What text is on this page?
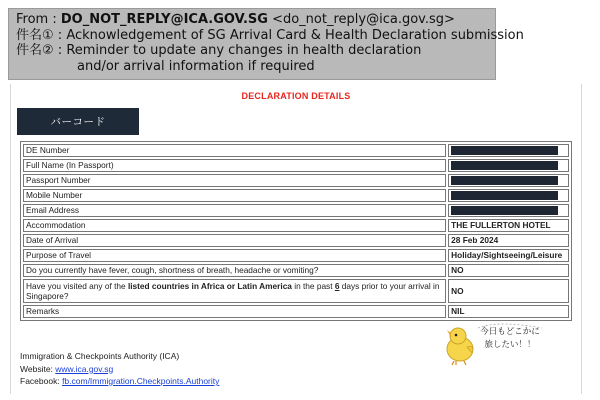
From : DO_NOT_REPLY@ICA.GOV.SG <do_not_reply@ica.gov.sg>
件名① : Acknowledgement of SG Arrival Card & Health Declaration submission
件名② : Reminder to update any changes in health declaration
and/or arrival information if required
DECLARATION DETAILS
バーコード
DE Number	

Full Name (In Passport)	

Passport Number	

Mobile Number	

Email Address	

Accommodation	THE FULLERTON HOTEL
Date of Arrival	28 Feb 2024
Purpose of Travel	Holiday/Sightseeing/Leisure
Do you currently have fever, cough, shortness of breath, headache or vomiting?	NO
Have you visited any of the listed countries in Africa or Latin America in the past 6 days prior to your arrival in Singapore?	NO
Remarks	NIL
Immigration & Checkpoints Authority (ICA)
Website: www.ica.gov.sg
Facebook: fb.com/Immigration.Checkpoints.Authority
今日もどこかに
旅したい！！
